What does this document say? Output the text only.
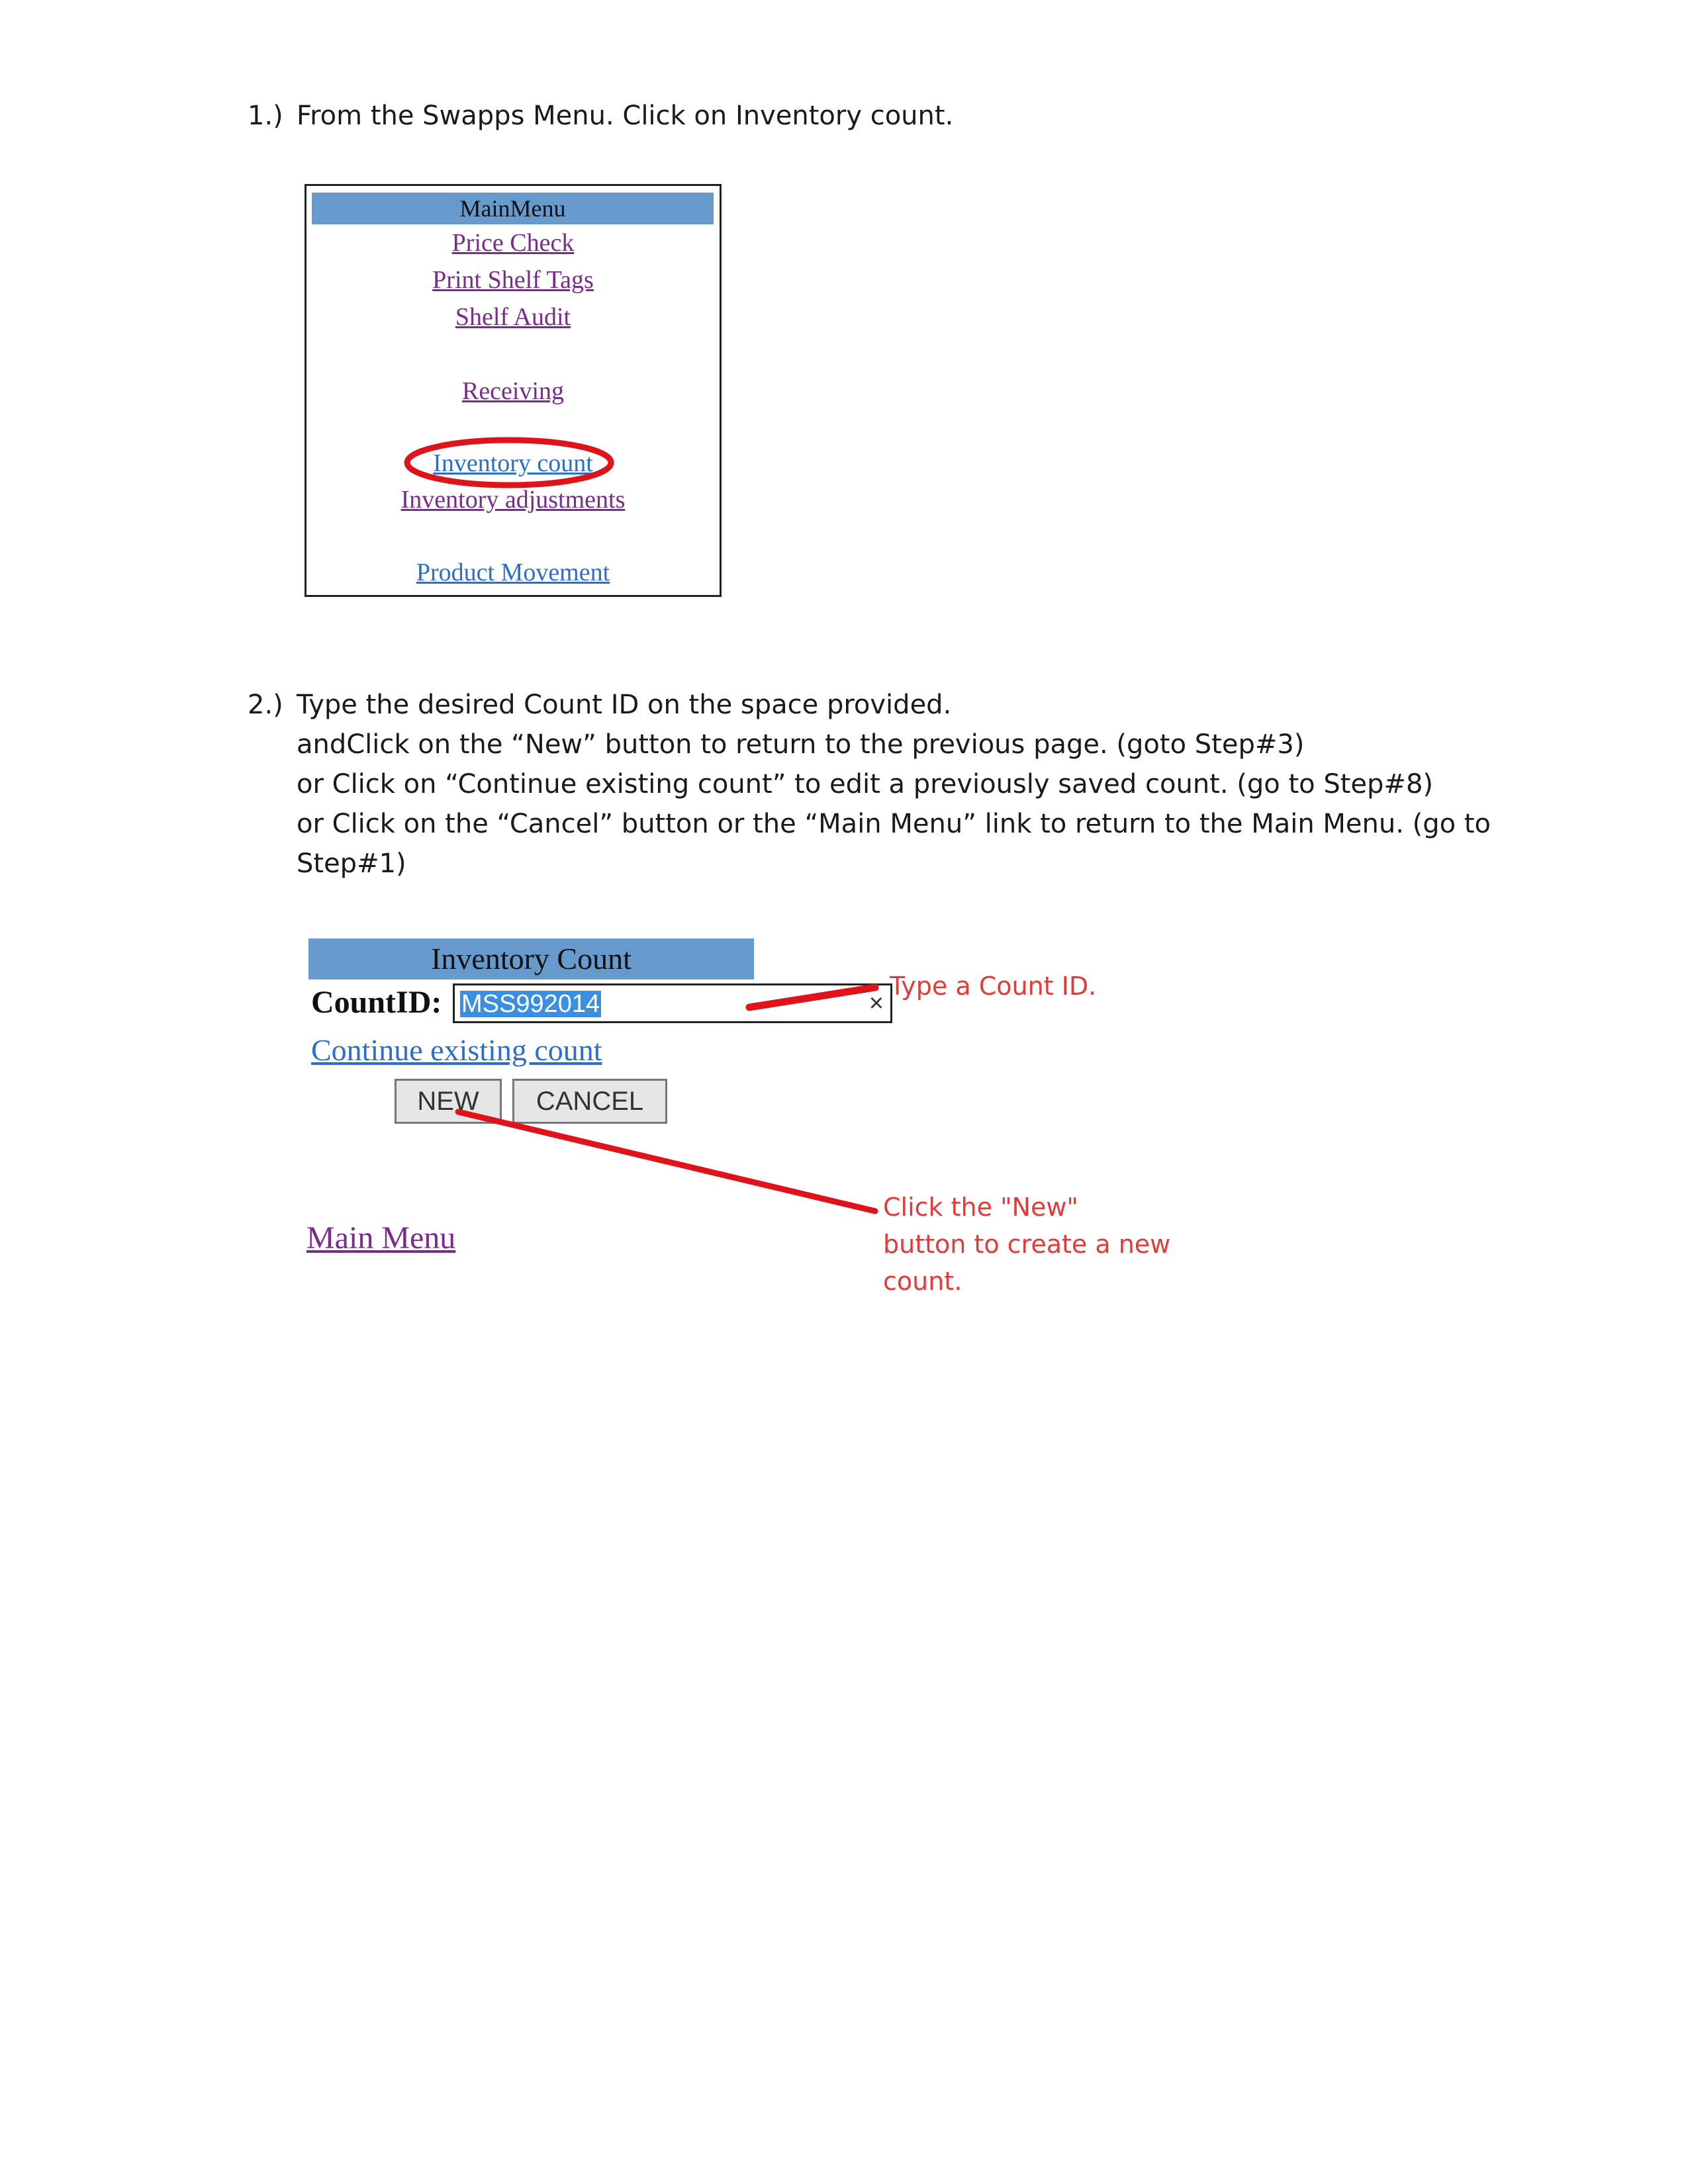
1.) From the Swapps Menu. Click on Inventory count.
MainMenu
Price Check
Print Shelf Tags
Shelf Audit
Receiving
Inventory count
Inventory adjustments
Product Movement
2.) Type the desired Count ID on the space provided.
andClick on the “New” button to return to the previous page. (goto Step#3)
or Click on “Continue existing count” to edit a previously saved count. (go to Step#8)
or Click on the “Cancel” button or the “Main Menu” link to return to the Main Menu. (go to
Step#1)
Inventory Count
CountID: MSS992014	×
Continue existing count
NEW	CANCEL
Main Menu
Type a Count ID.
Click the "New"
button to create a new
count.
